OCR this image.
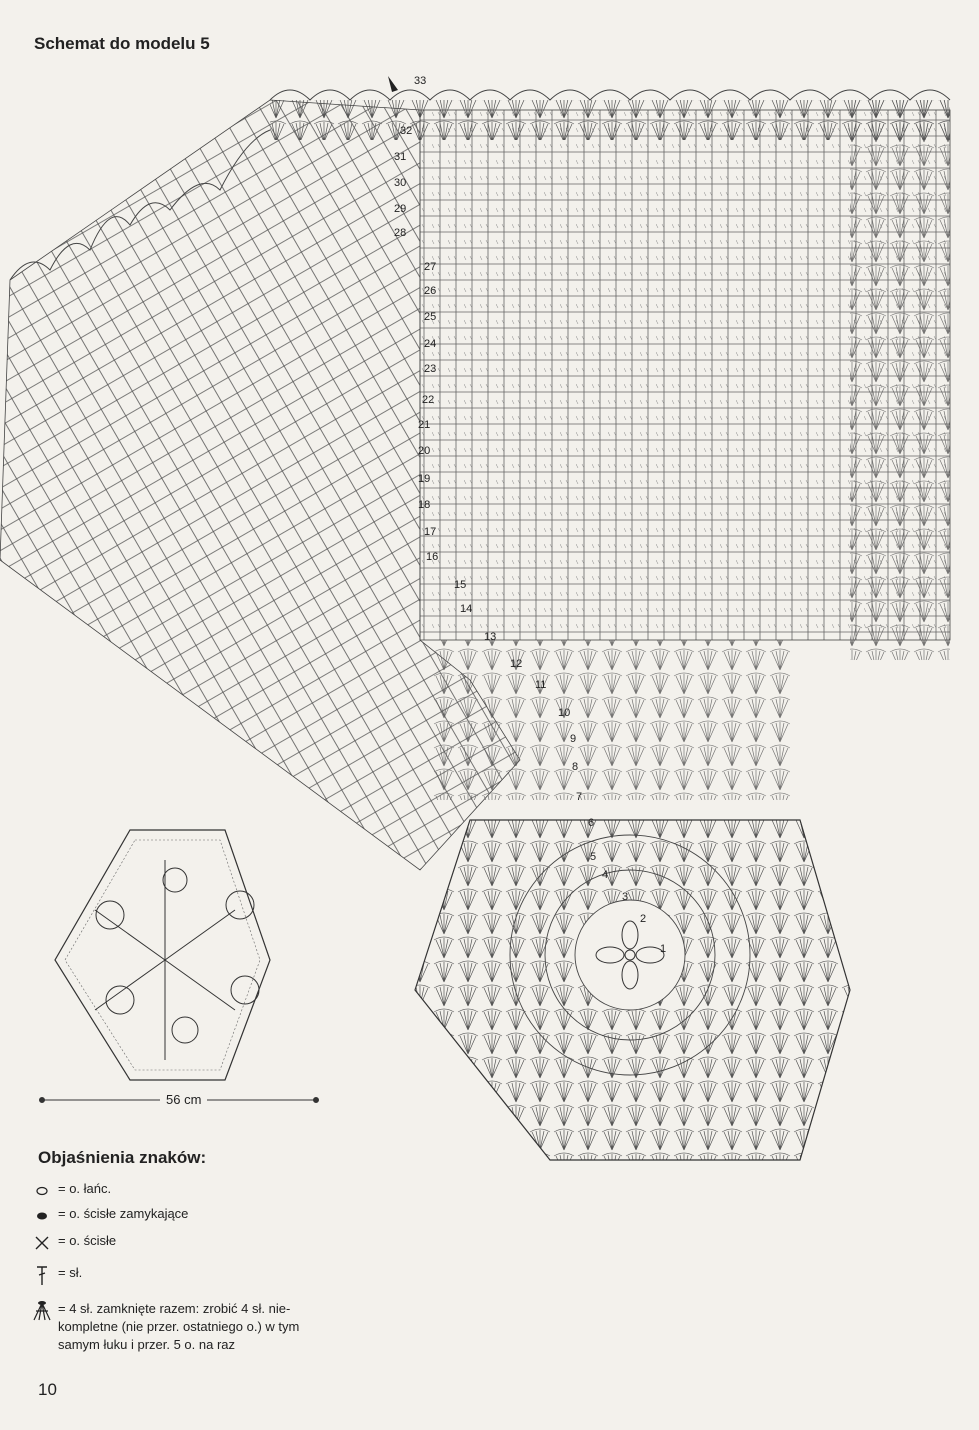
1
2
3
4
5
6
7
8
9
10
11
12
13
14
15
16
17
18
19
20
21
22
23
24
25
26
27
28
29
30
31
32
33
Schemat do modelu 5
56 cm
Objaśnienia znaków:
= o. łańc.
= o. ścisłe zamykające
= o. ścisłe
= sł.
= 4 sł. zamknięte razem: zrobić 4 sł. nie-
kompletne (nie przer. ostatniego o.) w tym
samym łuku i przer. 5 o. na raz
10
